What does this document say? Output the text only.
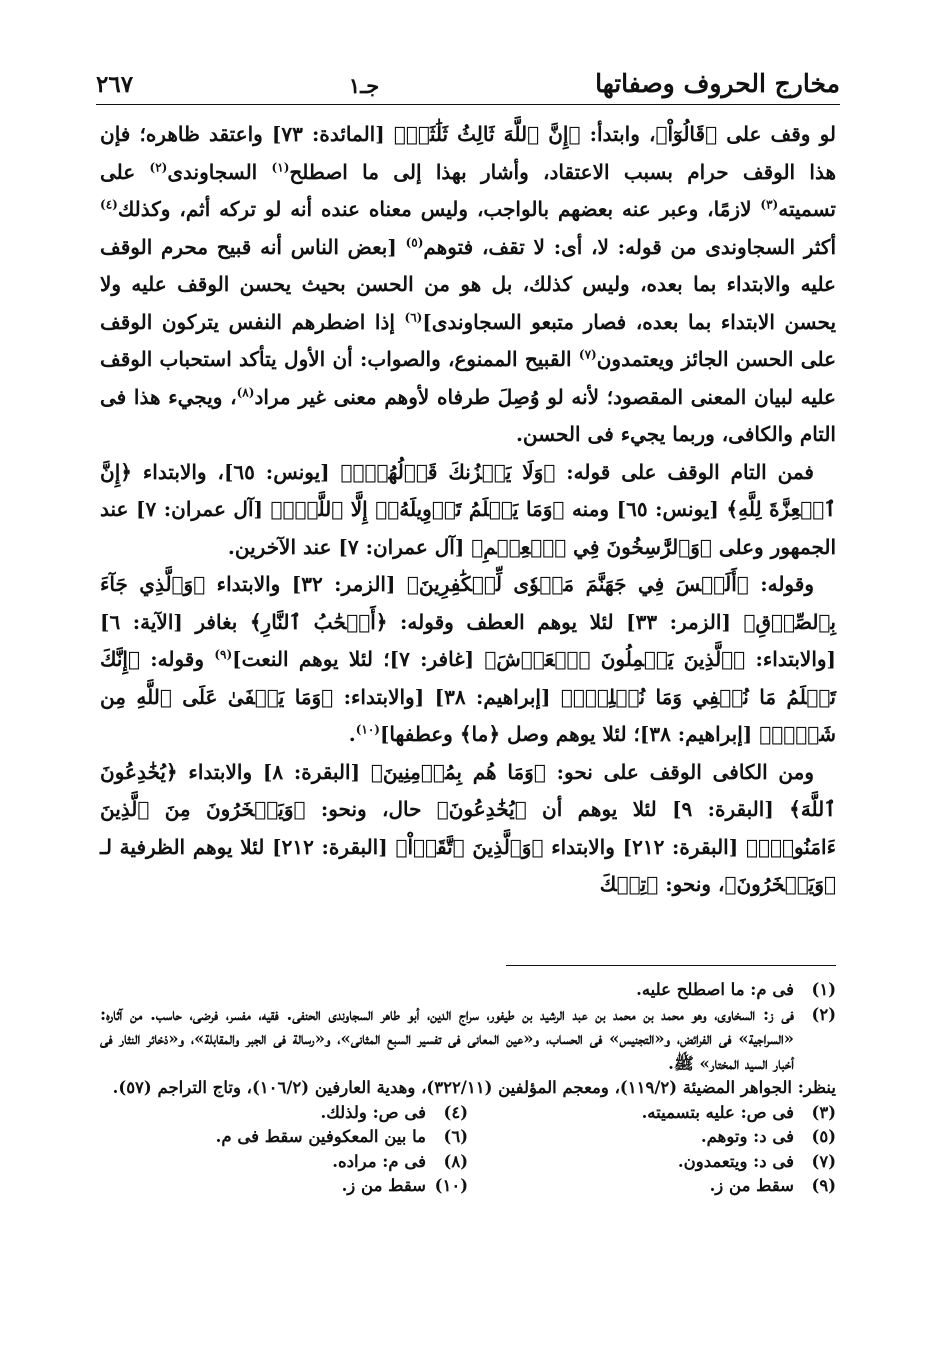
مخارج الحروف وصفاتها
جـ١
٢٦٧

لو وقف على ﴿قَالُوٓاْ﴾، وابتدأ: ﴿إِنَّ ٱللَّهَ ثَالِثُ ثَلَٰثَةٖ﴾ [المائدة: ٧٣] واعتقد ظاهره؛ فإن هذا الوقف حرام بسبب الاعتقاد، وأشار بهذا إلى ما اصطلح$^{(١)}$ السجاوندى$^{(٢)}$ على تسميته$^{(٣)}$ لازمًا، وعبر عنه بعضهم بالواجب، وليس معناه عنده أنه لو تركه أثم، وكذلك$^{(٤)}$ أكثر السجاوندى من قوله: لا، أى: لا تقف، فتوهم$^{(٥)}$ [بعض الناس أنه قبيح محرم الوقف عليه والابتداء بما بعده، وليس كذلك، بل هو من الحسن بحيث يحسن الوقف عليه ولا يحسن الابتداء بما بعده، فصار متبعو السجاوندى]$^{(٦)}$ إذا اضطرهم النفس يتركون الوقف على الحسن الجائز ويعتمدون$^{(٧)}$ القبيح الممنوع، والصواب: أن الأول يتأكد استحباب الوقف عليه لبيان المعنى المقصود؛ لأنه لو وُصِلَ طرفاه لأوهم معنى غير مراد$^{(٨)}$، ويجيء هذا فى التام والكافى، وربما يجيء فى الحسن.

فمن التام الوقف على قوله: ﴿وَلَا يَحۡزُنكَ قَوۡلُهُمۡۘ﴾ [يونس: ٦٥]، والابتداء ﴿إِنَّ ٱلۡعِزَّةَ لِلَّهِ﴾ [يونس: ٦٥] ومنه ﴿وَمَا يَعۡلَمُ تَأۡوِيلَهُۥٓ إِلَّا ٱللَّهُۗ﴾ [آل عمران: ٧] عند الجمهور وعلى ﴿وَٱلرَّٰسِخُونَ فِي ٱلۡعِلۡمِ﴾ [آل عمران: ٧] عند الآخرين.

وقوله: ﴿أَلَيۡسَ فِي جَهَنَّمَ مَثۡوٗى لِّلۡكَٰفِرِينَ﴾ [الزمر: ٣٢] والابتداء ﴿وَٱلَّذِي جَآءَ بِٱلصِّدۡقِ﴾ [الزمر: ٣٣] لئلا يوهم العطف وقوله: ﴿أَصۡحَٰبُ ٱلنَّارِ﴾ بغافر [الآية: ٦] [والابتداء: ﴿ٱلَّذِينَ يَحۡمِلُونَ ٱلۡعَرۡشَ﴾ [غافر: ٧]؛ لئلا يوهم النعت]$^{(٩)}$ وقوله: ﴿إِنَّكَ تَعۡلَمُ مَا نُخۡفِي وَمَا نُعۡلِنُۗ﴾ [إبراهيم: ٣٨] [والابتداء: ﴿وَمَا يَخۡفَىٰ عَلَى ٱللَّهِ مِن شَيۡءٖ﴾ [إبراهيم: ٣٨]؛ لئلا يوهم وصل ﴿ما﴾ وعطفها]$^{(١٠)}$.

ومن الكافى الوقف على نحو: ﴿وَمَا هُم بِمُؤۡمِنِينَ﴾ [البقرة: ٨] والابتداء ﴿يُخَٰدِعُونَ ٱللَّهَ﴾ [البقرة: ٩] لئلا يوهم أن ﴿يُخَٰدِعُونَ﴾ حال، ونحو: ﴿وَيَسۡخَرُونَ مِنَ ٱلَّذِينَ ءَامَنُواْۘ﴾ [البقرة: ٢١٢] والابتداء ﴿وَٱلَّذِينَ ٱتَّقَوۡاْ﴾ [البقرة: ٢١٢] لئلا يوهم الظرفية لـ ﴿وَيَسۡخَرُونَ﴾، ونحو: ﴿تِلۡكَ

(١)
فى م: ما اصطلح عليه.
(٢)
فى ز: السخاوى، وهو محمد بن محمد بن عبد الرشيد بن طيفور، سراج الدين، أبو طاهر السجاوندى الحنفى. فقيه، مفسر، فرضى، حاسب. من آثاره: «السراجية» فى الفرائض، و«التجنيس» فى الحساب، و«عين المعانى فى تفسير السبع المثانى»، و«رسالة فى الجبر والمقابلة»، و«ذخائر النثار فى أخبار السيد المختار» ﷺ.

ينظر: الجواهر المضيئة (١١٩/٢)، ومعجم المؤلفين (٣٢٢/١١)، وهدية العارفين (١٠٦/٢)، وتاج التراجم (٥٧).

(٣)
فى ص: عليه بتسميته.
(٤)
فى ص: ولذلك.
(٥)
فى د: وتوهم.
(٦)
ما بين المعكوفين سقط فى م.
(٧)
فى د: ويتعمدون.
(٨)
فى م: مراده.
(٩)
سقط من ز.
(١٠)
سقط من ز.
